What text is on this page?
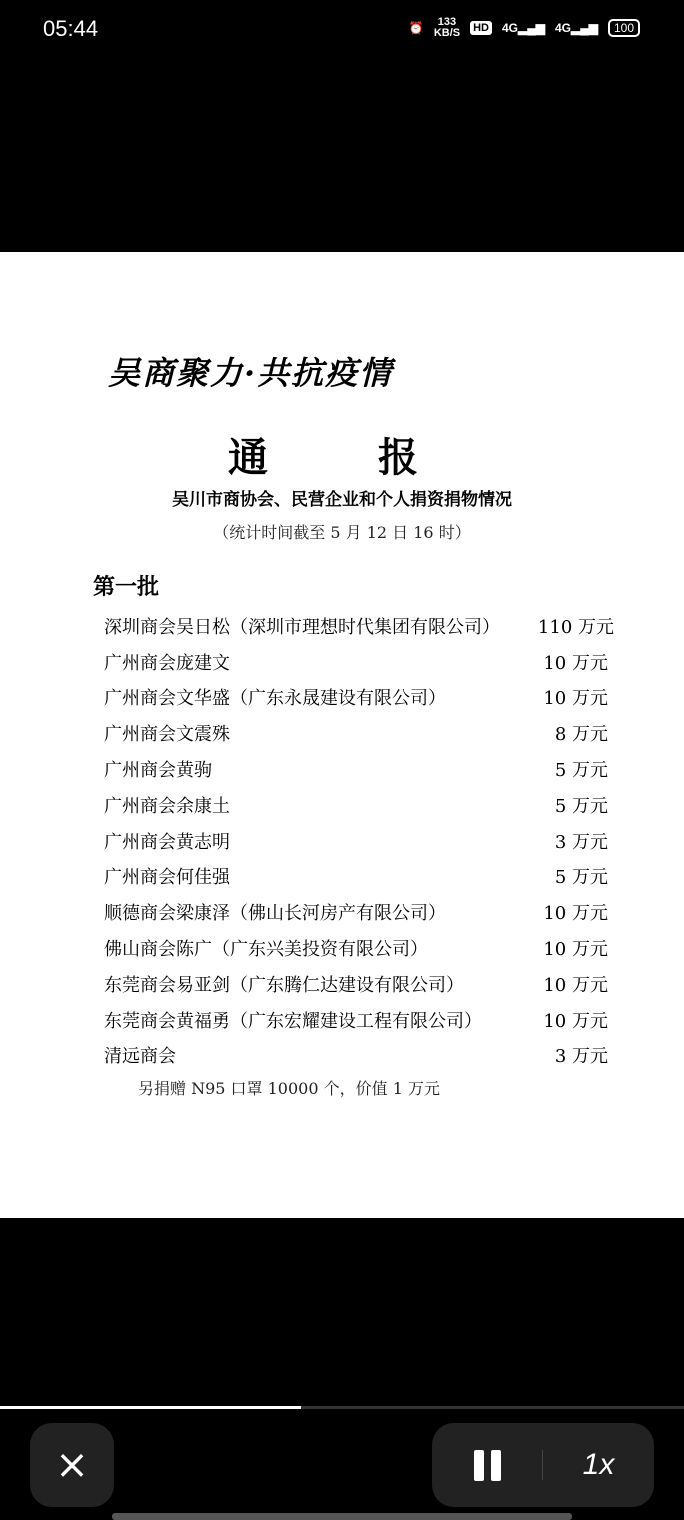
05:44	⏰	133
KB/S HD 4G▂▄▆ 4G▂▄▆	100
吴商聚力·共抗疫情
通	报
吴川市商协会、民营企业和个人捐资捐物情况
（统计时间截至 5 月 12 日 16 时）
第一批
深圳商会吴日松（深圳市理想时代集团有限公司） 110 万元
广州商会庞建文	10 万元
广州商会文华盛（广东永晟建设有限公司）	10 万元
广州商会文震殊	8 万元
广州商会黄驹	5 万元
广州商会余康土	5 万元
广州商会黄志明	3 万元
广州商会何佳强	5 万元
顺德商会梁康泽（佛山长河房产有限公司）	10 万元
佛山商会陈广（广东兴美投资有限公司）	10 万元
东莞商会易亚剑（广东腾仁达建设有限公司）	10 万元
东莞商会黄福勇（广东宏耀建设工程有限公司）	10 万元
清远商会	3 万元
另捐赠 N95 口罩 10000 个，价值 1 万元
×	1x
